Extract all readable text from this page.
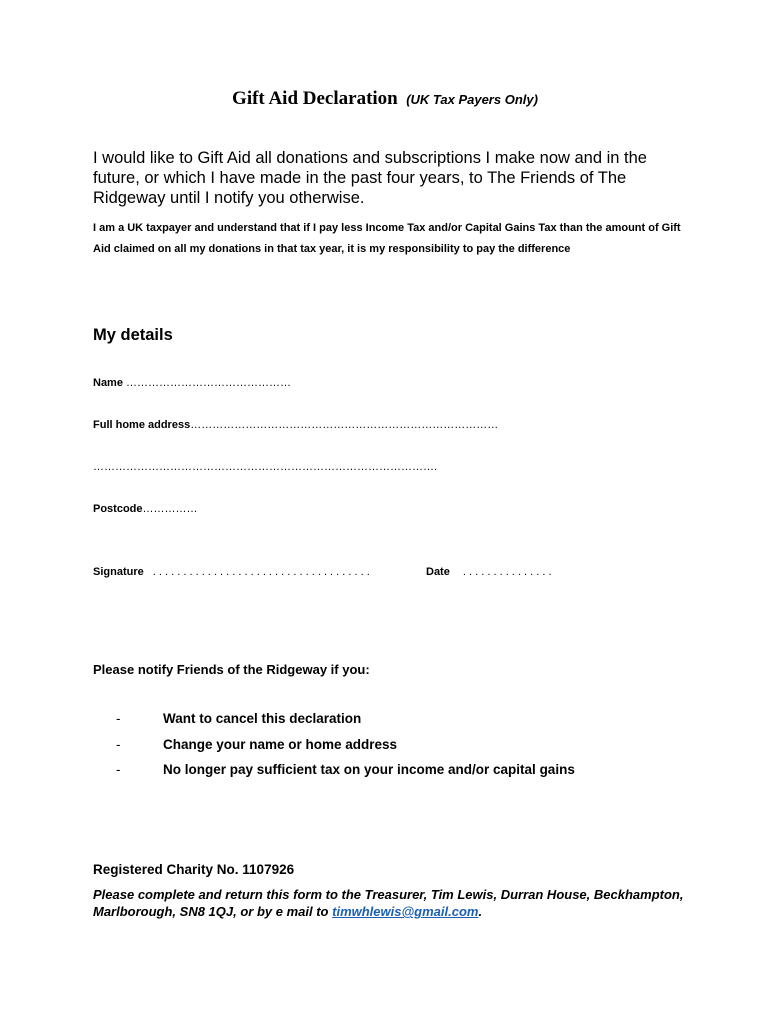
Gift Aid Declaration (UK Tax Payers Only)
I would like to Gift Aid all donations and subscriptions I make now and in the future, or which I have made in the past four years, to The Friends of The Ridgeway until I notify you otherwise.
I am a UK taxpayer and understand that if I pay less Income Tax and/or Capital Gains Tax than the amount of Gift Aid claimed on all my donations in that tax year, it is my responsibility to pay the difference
My details
Name ………………………………………
Full home address…………………………………………………………………………
………………………………………………………………………………….
Postcode……………
Signature . . . . . . . . . . . . . . . . . . . . . . . . . . . . . . . . . . . .	Date . . . . . . . . . . . . . . .
Please notify Friends of the Ridgeway if you:
-	Want to cancel this declaration
-	Change your name or home address
-	No longer pay sufficient tax on your income and/or capital gains
Registered Charity No. 1107926
Please complete and return this form to the Treasurer, Tim Lewis, Durran House, Beckhampton, Marlborough, SN8 1QJ, or by e mail to timwhlewis@gmail.com.
